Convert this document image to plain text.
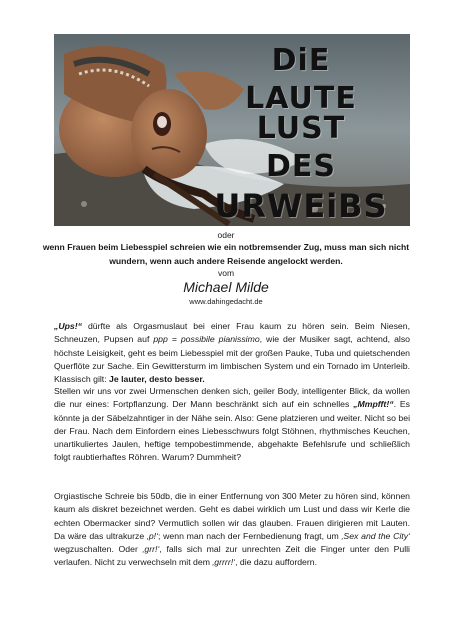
DiE
LAUTE LUST
DES
URWEiBS
oder
wenn Frauen beim Liebesspiel schreien wie ein notbremsender Zug, muss man sich nicht wundern, wenn auch andere Reisende angelockt werden.
vom
Michael Milde
www.dahingedacht.de
„Ups!“ dürfte als Orgasmuslaut bei einer Frau kaum zu hören sein. Beim Niesen, Schneuzen, Pupsen auf ppp = possibile pianissimo, wie der Musiker sagt, achtend, also höchste Leisigkeit, geht es beim Liebesspiel mit der großen Pauke, Tuba und quietschenden Querflöte zur Sache. Ein Gewittersturm im limbischen System und ein Tornado im Unterleib. Klassisch gilt: Je lauter, desto besser.
Stellen wir uns vor zwei Urmenschen denken sich, geiler Body, intelligenter Blick, da wollen die nur eines: Fortpflanzung. Der Mann beschränkt sich auf ein schnelles „Mmpfft!“. Es könnte ja der Säbelzahntiger in der Nähe sein. Also: Gene platzieren und weiter. Nicht so bei der Frau. Nach dem Einfordern eines Liebesschwurs folgt Stöhnen, rhythmisches Keuchen, unartikuliertes Jaulen, heftige tempobestimmende, abgehakte Befehlsrufe und schließlich folgt raubtierhaftes Röhren. Warum? Dummheit?
Orgiastische Schreie bis 50db, die in einer Entfernung von 300 Meter zu hören sind, können kaum als diskret bezeichnet werden. Geht es dabei wirklich um Lust und dass wir Kerle die echten Obermacker sind? Vermutlich sollen wir das glauben. Frauen dirigieren mit Lauten. Da wäre das ultrakurze ‚p!‘; wenn man nach der Fernbedienung fragt, um ‚Sex and the City‘ wegzuschalten. Oder ‚grr!‘, falls sich mal zur unrechten Zeit die Finger unter den Pulli verlaufen. Nicht zu verwechseln mit dem ‚grrrr!‘, die dazu auffordern.
